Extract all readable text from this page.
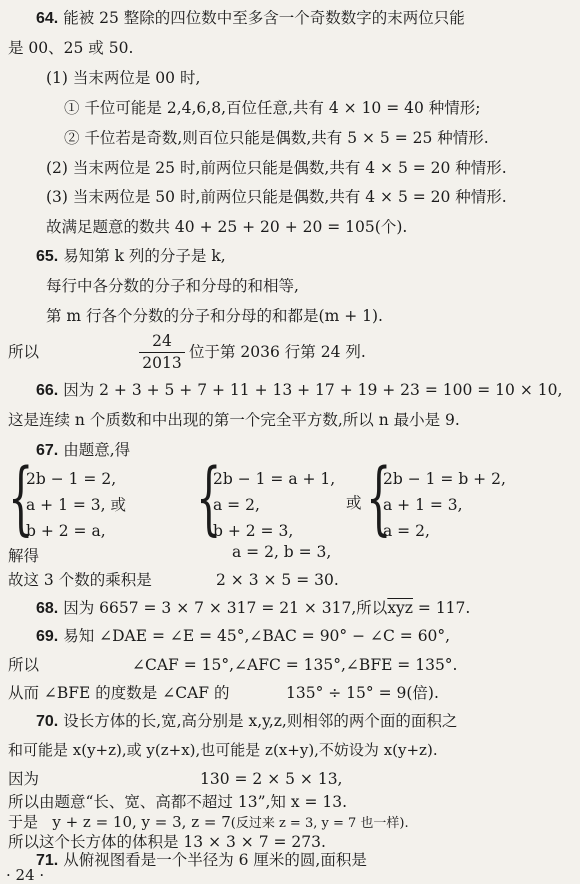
64. 能被 25 整除的四位数中至多含一个奇数数字的末两位只能
是 00、25 或 50.
(1) 当末两位是 00 时,
① 千位可能是 2,4,6,8,百位任意,共有 4 × 10 = 40 种情形;
② 千位若是奇数,则百位只能是偶数,共有 5 × 5 = 25 种情形.
(2) 当末两位是 25 时,前两位只能是偶数,共有 4 × 5 = 20 种情形.
(3) 当末两位是 50 时,前两位只能是偶数,共有 4 × 5 = 20 种情形.
故满足题意的数共 40 + 25 + 20 + 20 = 105(个).
65. 易知第 k 列的分子是 k,
每行中各分数的分子和分母的和相等,
第 m 行各个分数的分子和分母的和都是(m + 1).
所以
24
2013
位于第 2036 行第 24 列.
66. 因为 2 + 3 + 5 + 7 + 11 + 13 + 17 + 19 + 23 = 100 = 10 × 10,
这是连续 n 个质数和中出现的第一个完全平方数,所以 n 最小是 9.
67. 由题意,得
{
2b − 1 = 2,
a + 1 = 3, 或
b + 2 = a, {
2b − 1 = a + 1,
a = 2,
b + 2 = 3,
或 {
2b − 1 = b + 2,
a + 1 = 3,
a = 2,
解得	a = 2, b = 3,
故这 3 个数的乘积是	2 × 3 × 5 = 30.
68. 因为 6657 = 3 × 7 × 317 = 21 × 317,所以$\overline{xyz} = 117$.
69. 易知 ∠DAE = ∠E = 45°,∠BAC = 90° − ∠C = 60°,
所以	∠CAF = 15°,∠AFC = 135°,∠BFE = 135°.
从而 ∠BFE 的度数是 ∠CAF 的	135° ÷ 15° = 9(倍).
70. 设长方体的长,宽,高分别是 x,y,z,则相邻的两个面的面积之
和可能是 x(y+z),或 y(z+x),也可能是 z(x+y),不妨设为 x(y+z).
因为	130 = 2 × 5 × 13,
所以由题意“长、宽、高都不超过 13”,知 x = 13.
于是 y + z = 10, y = 3, z = 7(反过来 z = 3, y = 7 也一样).
所以这个长方体的体积是 13 × 3 × 7 = 273.
71. 从俯视图看是一个半径为 6 厘米的圆,面积是
· 24 ·
